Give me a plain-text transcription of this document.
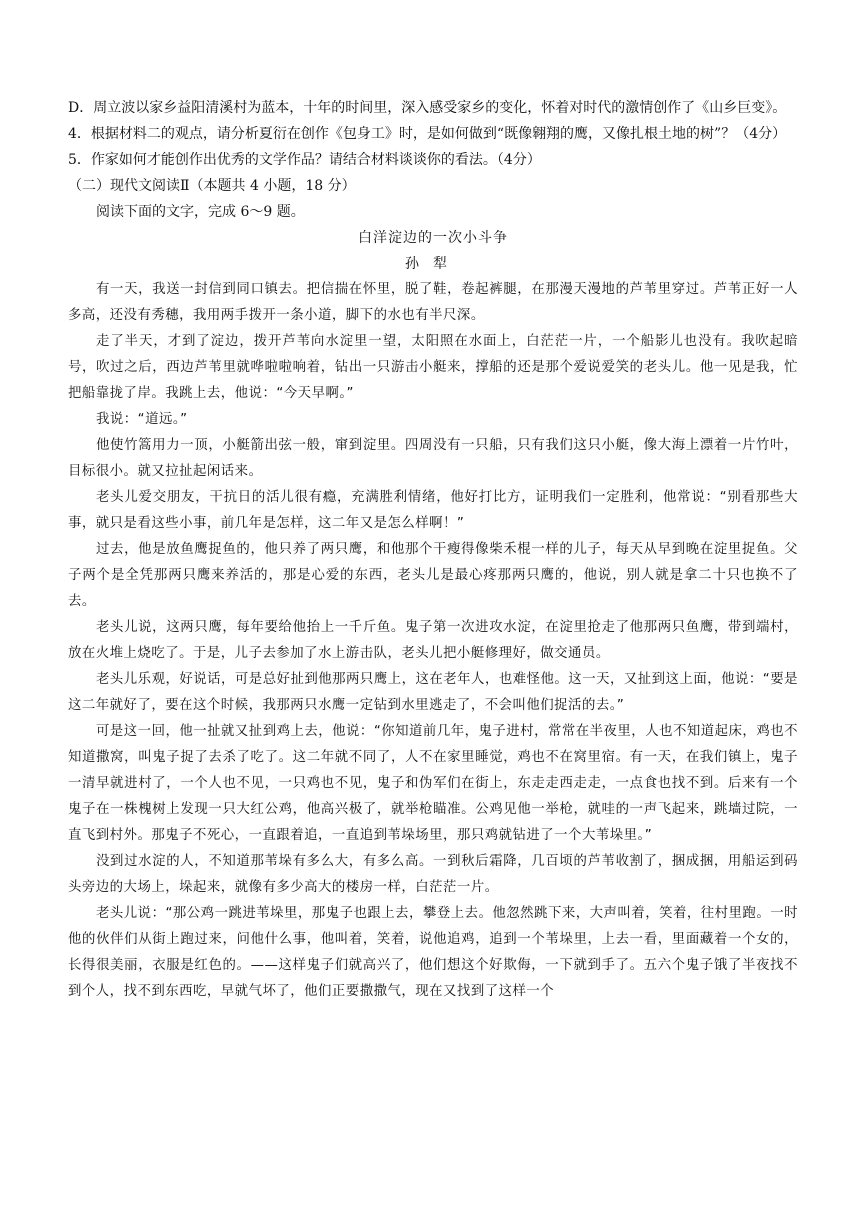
D．周立波以家乡益阳清溪村为蓝本，十年的时间里，深入感受家乡的变化，怀着对时代的激情创作了《山乡巨变》。

4．根据材料二的观点，请分析夏衍在创作《包身工》时，是如何做到“既像翱翔的鹰，又像扎根土地的树”？（4分）

5．作家如何才能创作出优秀的文学作品？请结合材料谈谈你的看法。（4分）

（二）现代文阅读Ⅱ（本题共 4 小题，18 分）

阅读下面的文字，完成 6～9 题。

白洋淀边的一次小斗争

孙犁

有一天，我送一封信到同口镇去。把信揣在怀里，脱了鞋，卷起裤腿，在那漫天漫地的芦苇里穿过。芦苇正好一人多高，还没有秀穗，我用两手拨开一条小道，脚下的水也有半尺深。

走了半天，才到了淀边，拨开芦苇向水淀里一望，太阳照在水面上，白茫茫一片，一个船影儿也没有。我吹起暗号，吹过之后，西边芦苇里就哗啦啦响着，钻出一只游击小艇来，撑船的还是那个爱说爱笑的老头儿。他一见是我，忙把船靠拢了岸。我跳上去，他说：“今天早啊。”

我说：“道远。”

他使竹篙用力一顶，小艇箭出弦一般，窜到淀里。四周没有一只船，只有我们这只小艇，像大海上漂着一片竹叶，目标很小。就又拉扯起闲话来。

老头儿爱交朋友，干抗日的活儿很有瘾，充满胜利情绪，他好打比方，证明我们一定胜利，他常说：“别看那些大事，就只是看这些小事，前几年是怎样，这二年又是怎么样啊！”

过去，他是放鱼鹰捉鱼的，他只养了两只鹰，和他那个干瘦得像柴禾棍一样的儿子，每天从早到晚在淀里捉鱼。父子两个是全凭那两只鹰来养活的，那是心爱的东西，老头儿是最心疼那两只鹰的，他说，别人就是拿二十只也换不了去。

老头儿说，这两只鹰，每年要给他抬上一千斤鱼。鬼子第一次进攻水淀，在淀里抢走了他那两只鱼鹰，带到端村，放在火堆上烧吃了。于是，儿子去参加了水上游击队，老头儿把小艇修理好，做交通员。

老头儿乐观，好说话，可是总好扯到他那两只鹰上，这在老年人，也难怪他。这一天，又扯到这上面，他说：“要是这二年就好了，要在这个时候，我那两只水鹰一定钻到水里逃走了，不会叫他们捉活的去。”

可是这一回，他一扯就又扯到鸡上去，他说：“你知道前几年，鬼子进村，常常在半夜里，人也不知道起床，鸡也不知道撒窝，叫鬼子捉了去杀了吃了。这二年就不同了，人不在家里睡觉，鸡也不在窝里宿。有一天，在我们镇上，鬼子一清早就进村了，一个人也不见，一只鸡也不见，鬼子和伪军们在街上，东走走西走走，一点食也找不到。后来有一个鬼子在一株槐树上发现一只大红公鸡，他高兴极了，就举枪瞄准。公鸡见他一举枪，就哇的一声飞起来，跳墙过院，一直飞到村外。那鬼子不死心，一直跟着追，一直追到苇垛场里，那只鸡就钻进了一个大苇垛里。”

没到过水淀的人，不知道那苇垛有多么大，有多么高。一到秋后霜降，几百顷的芦苇收割了，捆成捆，用船运到码头旁边的大场上，垛起来，就像有多少高大的楼房一样，白茫茫一片。

老头儿说：“那公鸡一跳进苇垛里，那鬼子也跟上去，攀登上去。他忽然跳下来，大声叫着，笑着，往村里跑。一时他的伙伴们从街上跑过来，问他什么事，他叫着，笑着，说他追鸡，追到一个苇垛里，上去一看，里面藏着一个女的，长得很美丽，衣服是红色的。——这样鬼子们就高兴了，他们想这个好欺侮，一下就到手了。五六个鬼子饿了半夜找不到个人，找不到东西吃，早就气坏了，他们正要撒撒气，现在又找到了这样一个
